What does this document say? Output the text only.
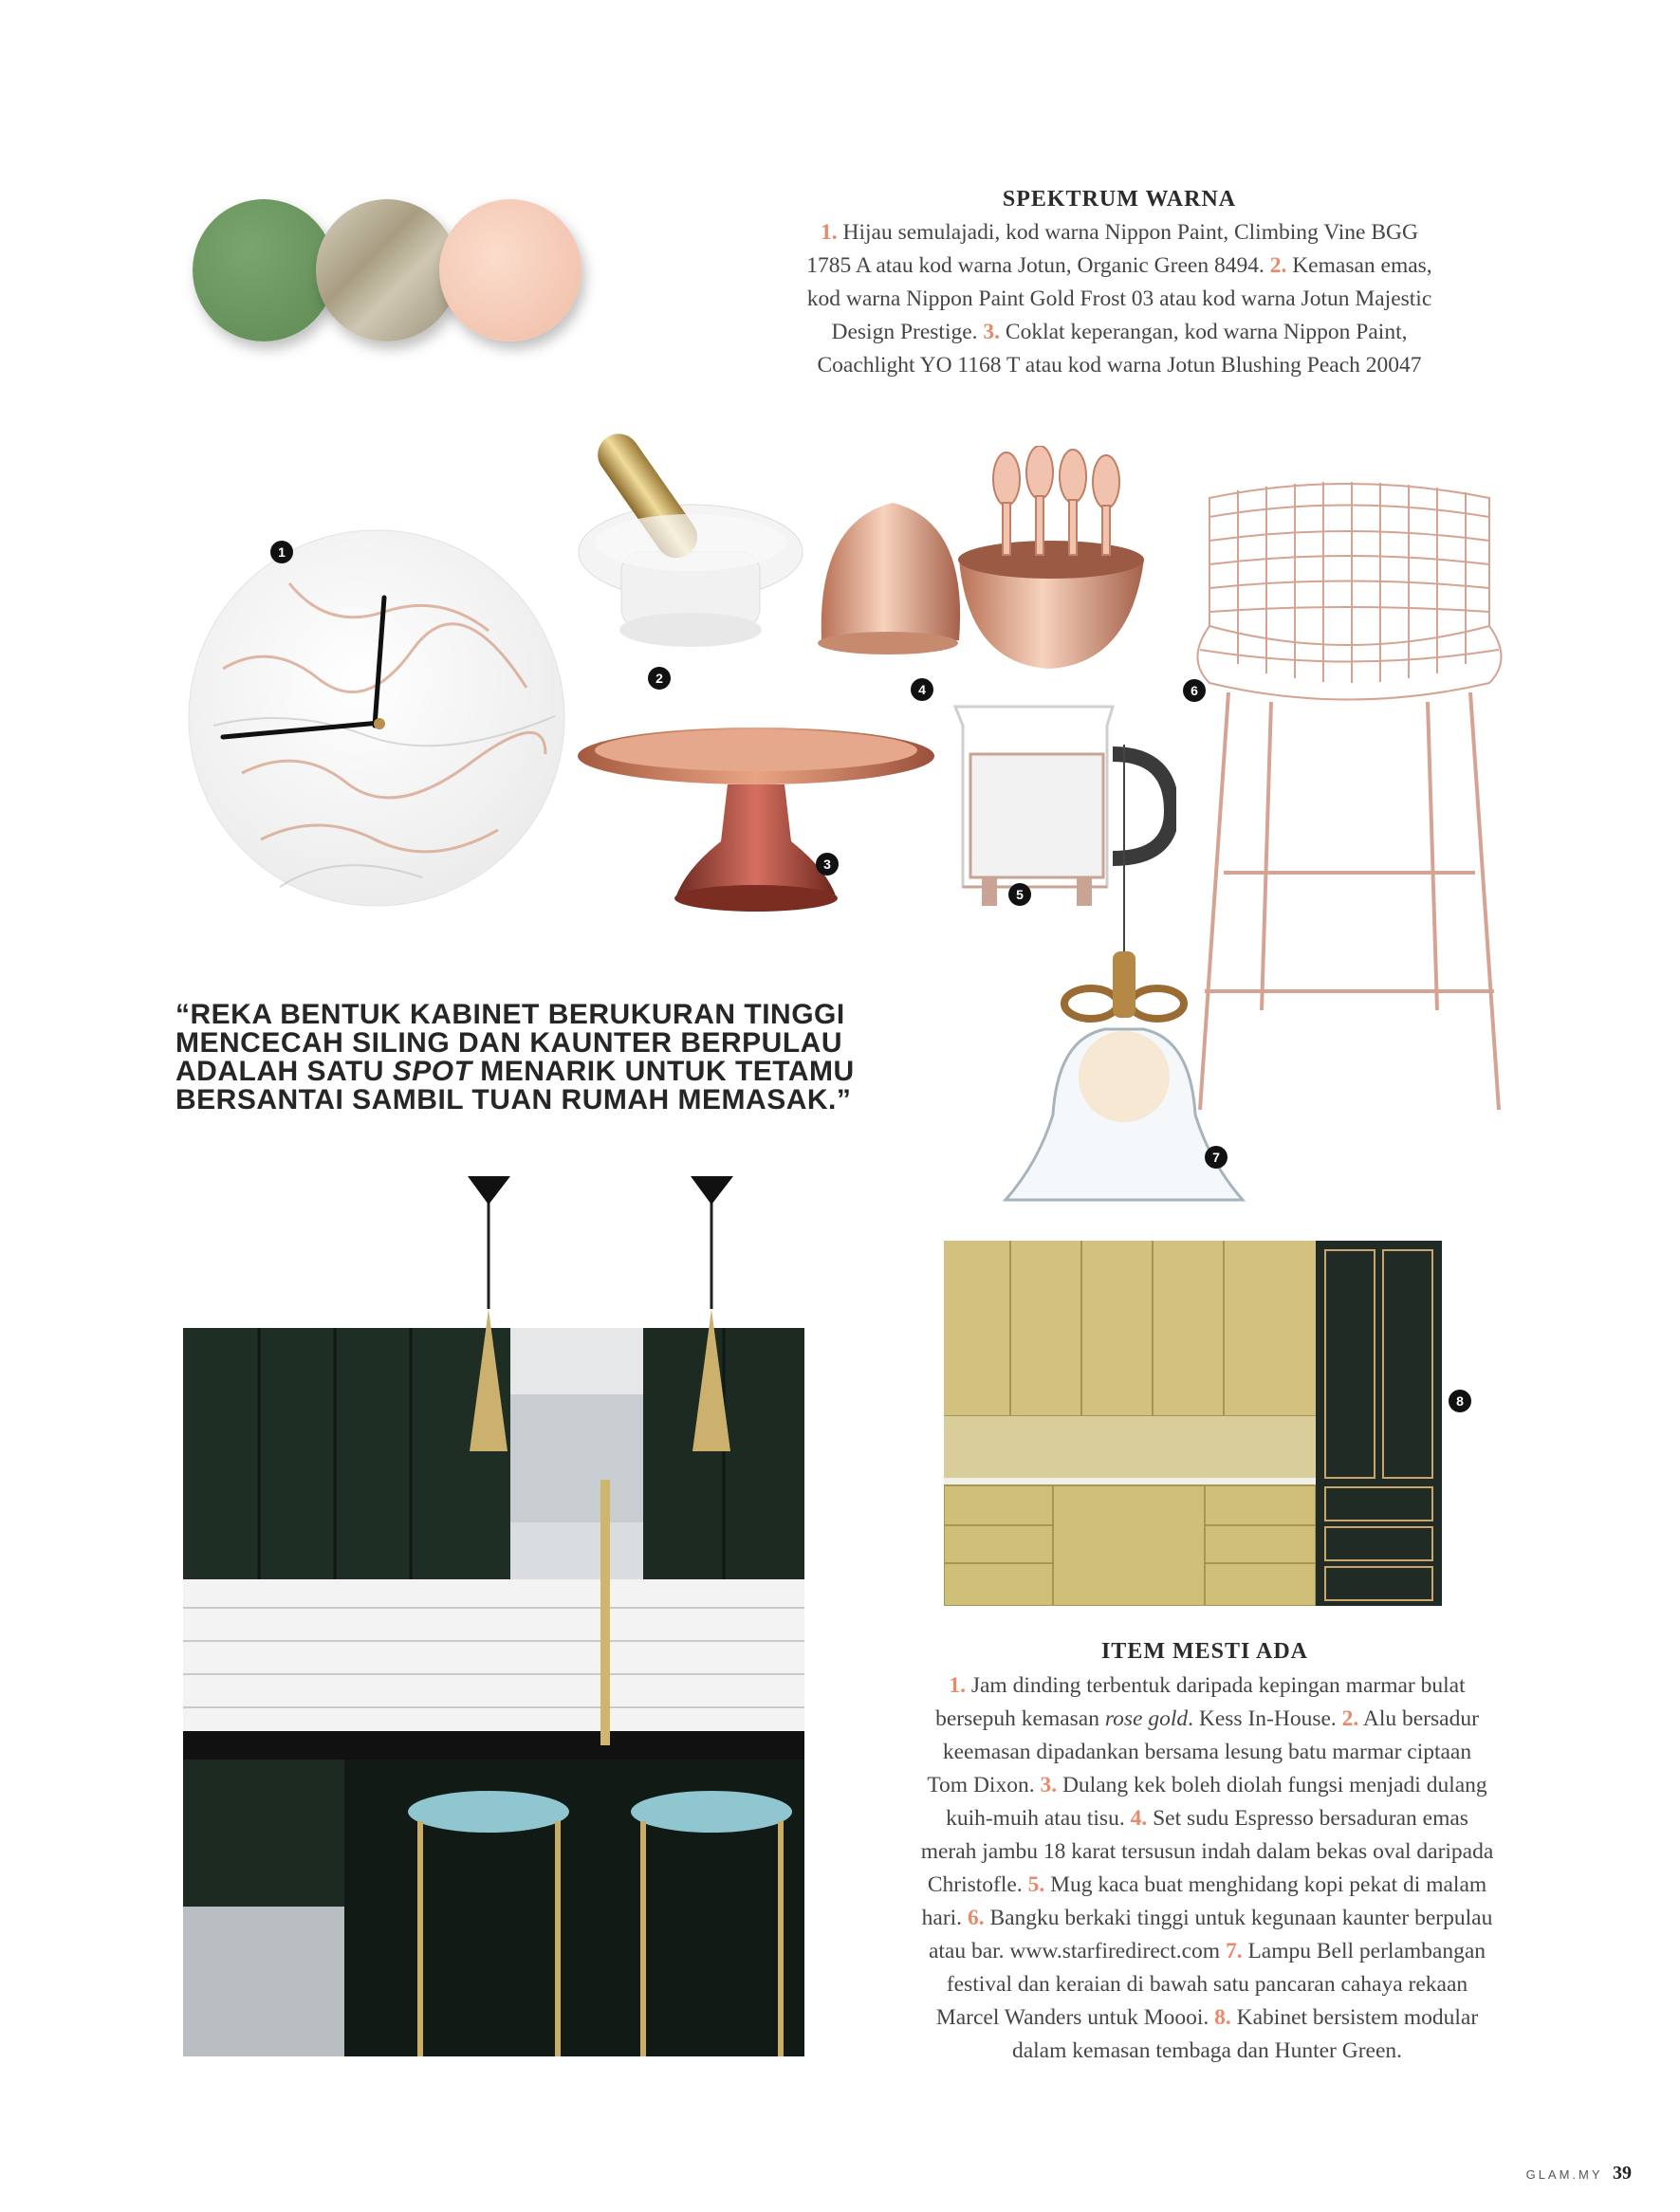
SPEKTRUM WARNA
1. Hijau semulajadi, kod warna Nippon Paint, Climbing Vine BGG
1785 A atau kod warna Jotun, Organic Green 8494. 2. Kemasan emas,
kod warna Nippon Paint Gold Frost 03 atau kod warna Jotun Majestic
Design Prestige. 3. Coklat keperangan, kod warna Nippon Paint,
Coachlight YO 1168 T atau kod warna Jotun Blushing Peach 20047
1
2
3
4
5
6
7
“REKA BENTUK KABINET BERUKURAN TINGGI
MENCECAH SILING DAN KAUNTER BERPULAU
ADALAH SATU SPOT MENARIK UNTUK TETAMU
BERSANTAI SAMBIL TUAN RUMAH MEMASAK.”
8
ITEM MESTI ADA
1. Jam dinding terbentuk daripada kepingan marmar bulat
bersepuh kemasan rose gold. Kess In-House. 2. Alu bersadur
keemasan dipadankan bersama lesung batu marmar ciptaan
Tom Dixon. 3. Dulang kek boleh diolah fungsi menjadi dulang
kuih-muih atau tisu. 4. Set sudu Espresso bersaduran emas
merah jambu 18 karat tersusun indah dalam bekas oval daripada
Christofle. 5. Mug kaca buat menghidang kopi pekat di malam
hari. 6. Bangku berkaki tinggi untuk kegunaan kaunter berpulau
atau bar. www.starfiredirect.com 7. Lampu Bell perlambangan
festival dan keraian di bawah satu pancaran cahaya rekaan
Marcel Wanders untuk Moooi. 8. Kabinet bersistem modular
dalam kemasan tembaga dan Hunter Green.
GLAM.MY 39
